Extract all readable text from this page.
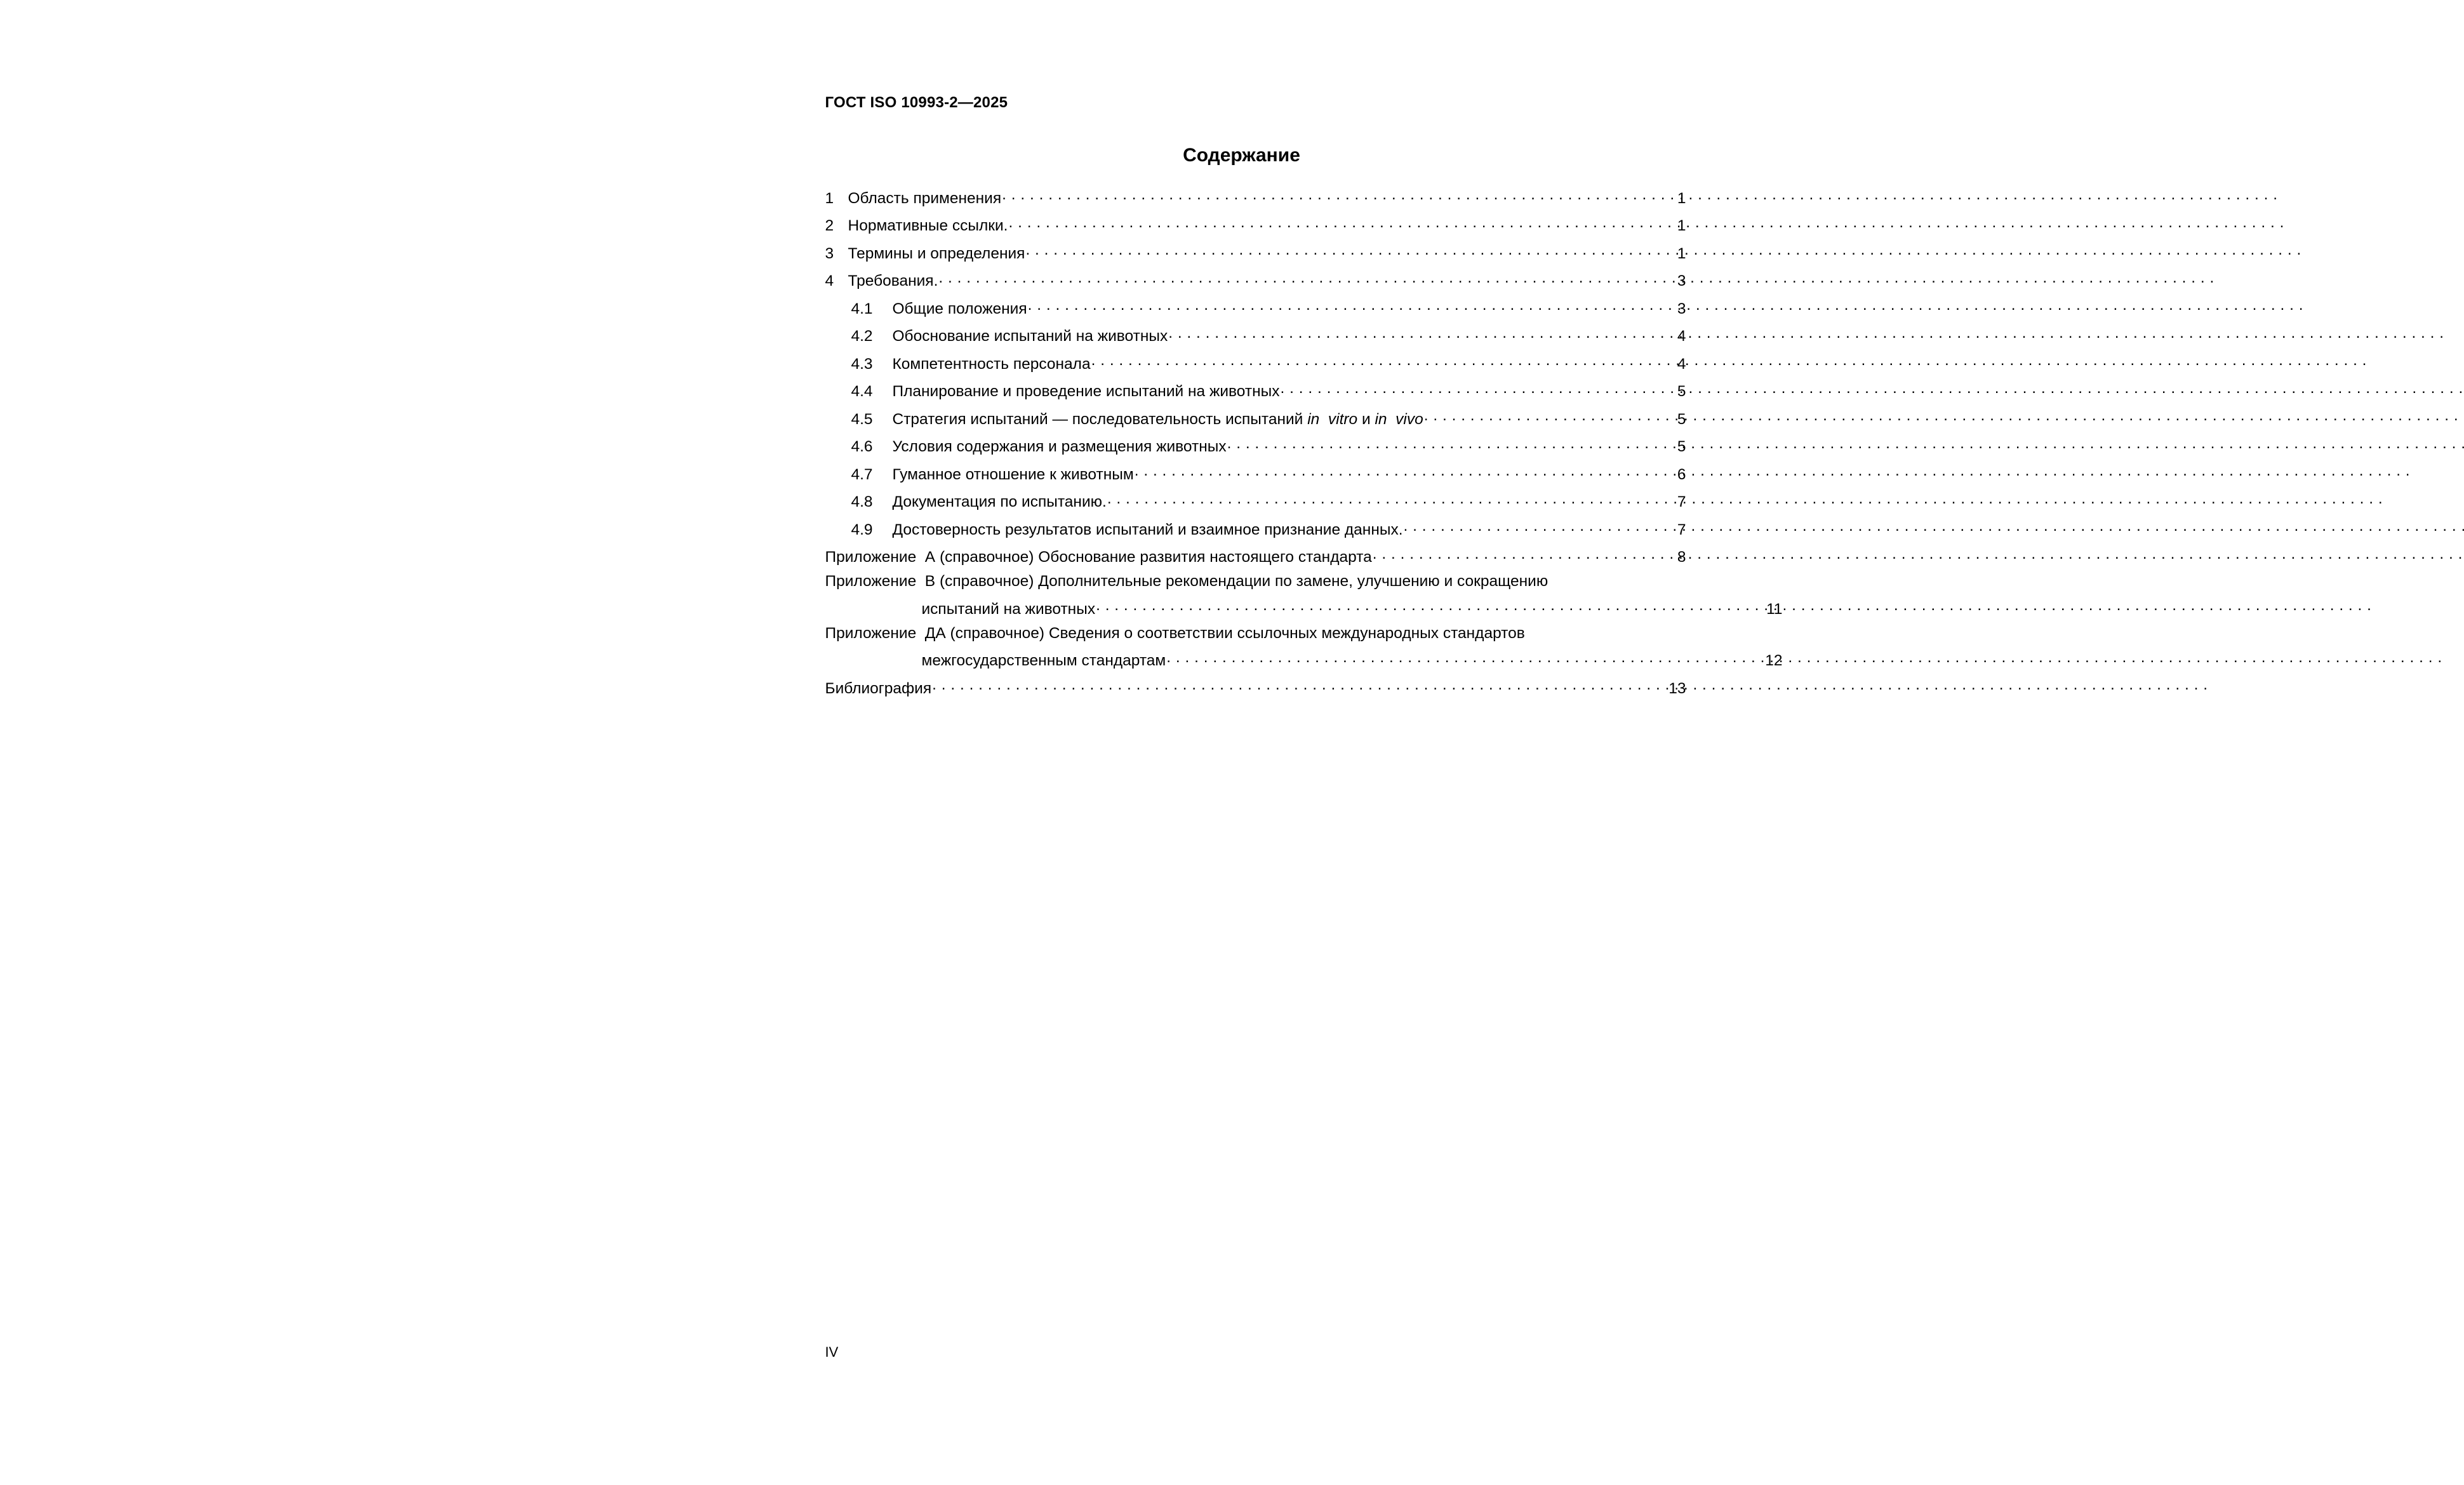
ГОСТ ISO 10993-2—2025
Содержание
1 Область применения . . .	1
2 Нормативные ссылки. . . .	1
3 Термины и определения . . .	1
4 Требования. . . .	3
4.1	Общие положения . . .	3
4.2	Обоснование испытаний на животных . . .	4
4.3	Компетентность персонала . . .	4
4.4	Планирование и проведение испытаний на животных . . .	5
4.5	Стратегия испытаний — последовательность испытаний in  vitro и in  vivo . . .	5
4.6	Условия содержания и размещения животных . . .	5
4.7	Гуманное отношение к животным . . .	6
4.8	Документация по испытанию. . . .	7
4.9	Достоверность результатов испытаний и взаимное признание данных. . . .	7
Приложение  А (справочное) Обоснование развития настоящего стандарта . . .	8
Приложение  В (справочное) Дополнительные рекомендации по замене, улучшению и сокращению
испытаний на животных . . .	11
Приложение  ДА (справочное) Сведения о соответствии ссылочных международных стандартов
межгосударственным стандартам . . .	12
Библиография . . .	13
IV
